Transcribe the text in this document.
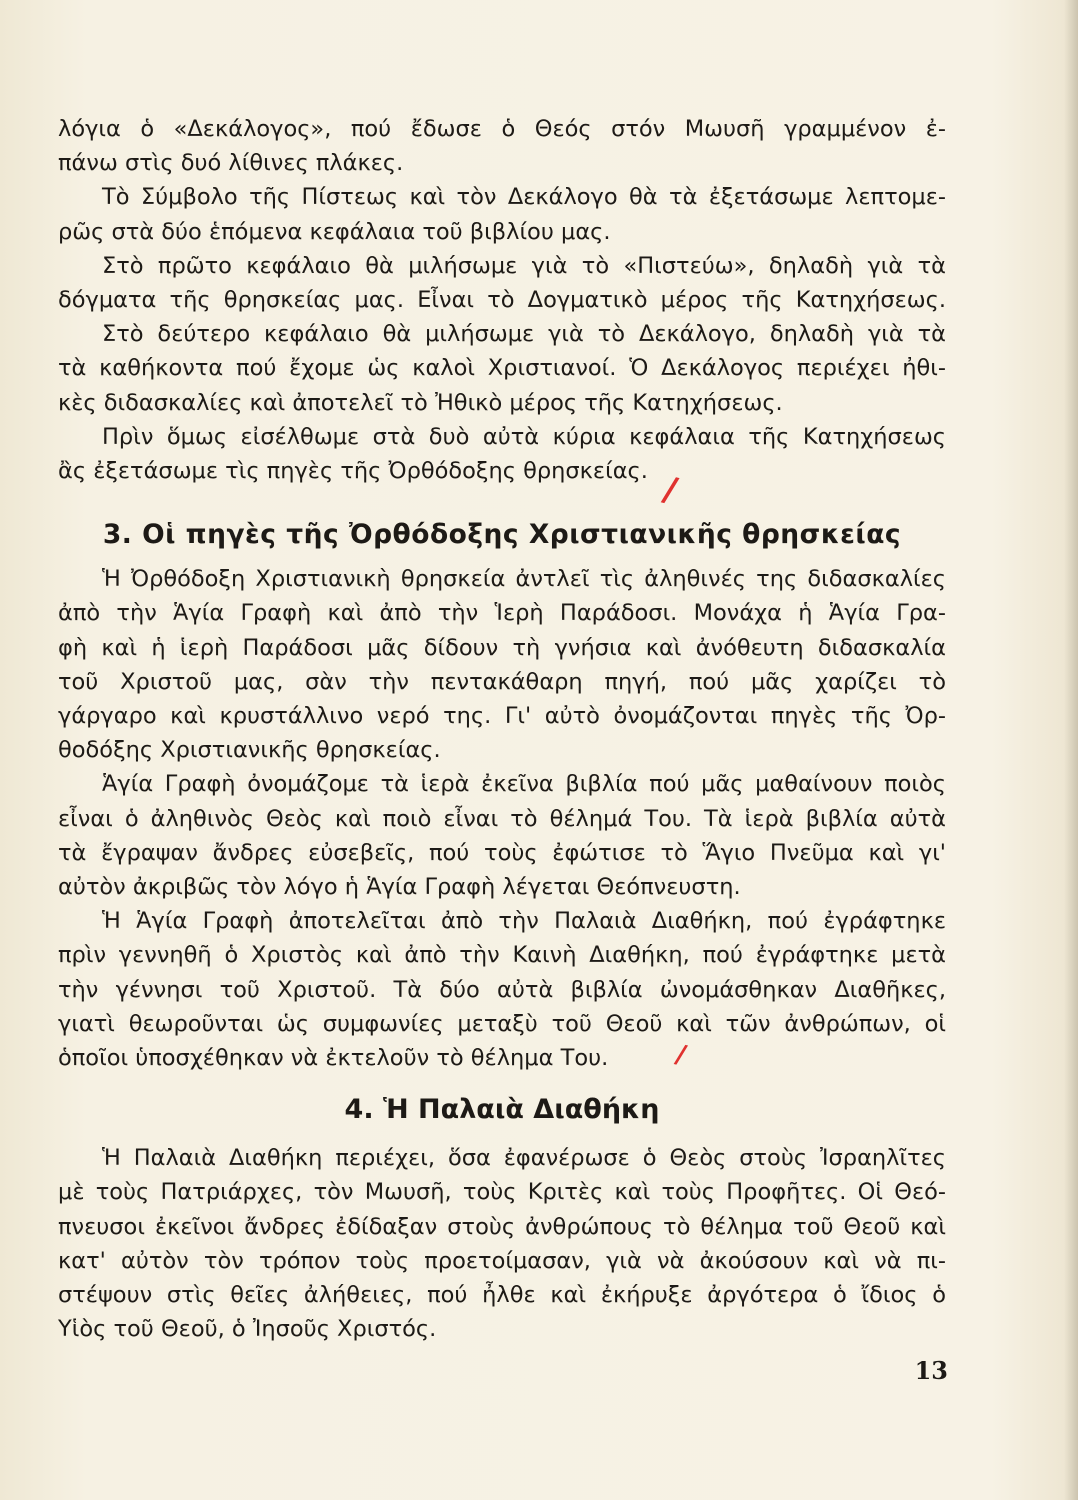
λόγια ὁ «Δεκάλογος», πού ἔδωσε ὁ Θεός στόν Μωυσῆ γραμμένον ἐ-
πάνω στὶς δυό λίθινες πλάκες.
Τὸ Σύμβολο τῆς Πίστεως καὶ τὸν Δεκάλογο θὰ τὰ ἐξετάσωμε λεπτομε-
ρῶς στὰ δύο ἑπόμενα κεφάλαια τοῦ βιβλίου μας.
Στὸ πρῶτο κεφάλαιο θὰ μιλήσωμε γιὰ τὸ «Πιστεύω», δηλαδὴ γιὰ τὰ
δόγματα τῆς θρησκείας μας. Εἶναι τὸ Δογματικὸ μέρος τῆς Κατηχήσεως.
Στὸ δεύτερο κεφάλαιο θὰ μιλήσωμε γιὰ τὸ Δεκάλογο, δηλαδὴ γιὰ τὰ
τὰ καθήκοντα πού ἔχομε ὡς καλοὶ Χριστιανοί. Ὁ Δεκάλογος περιέχει ἠθι-
κὲς διδασκαλίες καὶ ἀποτελεῖ τὸ Ἠθικὸ μέρος τῆς Κατηχήσεως.
Πρὶν ὅμως εἰσέλθωμε στὰ δυὸ αὐτὰ κύρια κεφάλαια τῆς Κατηχήσεως
ἂς ἐξετάσωμε τὶς πηγὲς τῆς Ὀρθόδοξης θρησκείας.
3. Οἱ πηγὲς τῆς Ὀρθόδοξης Χριστιανικῆς θρησκείας
Ἡ Ὀρθόδοξη Χριστιανικὴ θρησκεία ἀντλεῖ τὶς ἀληθινές της διδασκαλίες
ἀπὸ τὴν Ἁγία Γραφὴ καὶ ἀπὸ τὴν Ἱερὴ Παράδοσι. Μονάχα ἡ Ἁγία Γρα-
φὴ καὶ ἡ ἱερὴ Παράδοσι μᾶς δίδουν τὴ γνήσια καὶ ἀνόθευτη διδασκαλία
τοῦ Χριστοῦ μας, σὰν τὴν πεντακάθαρη πηγή, πού μᾶς χαρίζει τὸ
γάργαρο καὶ κρυστάλλινο νερό της. Γι' αὐτὸ ὀνομάζονται πηγὲς τῆς Ὀρ-
θοδόξης Χριστιανικῆς θρησκείας.
Ἁγία Γραφὴ ὀνομάζομε τὰ ἱερὰ ἐκεῖνα βιβλία πού μᾶς μαθαίνουν ποιὸς
εἶναι ὁ ἀληθινὸς Θεὸς καὶ ποιὸ εἶναι τὸ θέλημά Του. Τὰ ἱερὰ βιβλία αὐτὰ
τὰ ἔγραψαν ἄνδρες εὐσεβεῖς, πού τοὺς ἐφώτισε τὸ Ἅγιο Πνεῦμα καὶ γι'
αὐτὸν ἀκριβῶς τὸν λόγο ἡ Ἁγία Γραφὴ λέγεται Θεόπνευστη.
Ἡ Ἁγία Γραφὴ ἀποτελεῖται ἀπὸ τὴν Παλαιὰ Διαθήκη, πού ἐγράφτηκε
πρὶν γεννηθῆ ὁ Χριστὸς καὶ ἀπὸ τὴν Καινὴ Διαθήκη, πού ἐγράφτηκε μετὰ
τὴν γέννησι τοῦ Χριστοῦ. Τὰ δύο αὐτὰ βιβλία ὠνομάσθηκαν Διαθῆκες,
γιατὶ θεωροῦνται ὡς συμφωνίες μεταξὺ τοῦ Θεοῦ καὶ τῶν ἀνθρώπων, οἱ
ὁποῖοι ὑποσχέθηκαν νὰ ἐκτελοῦν τὸ θέλημα Του.
4. Ἡ Παλαιὰ Διαθήκη
Ἡ Παλαιὰ Διαθήκη περιέχει, ὅσα ἐφανέρωσε ὁ Θεὸς στοὺς Ἰσραηλῖτες
μὲ τοὺς Πατριάρχες, τὸν Μωυσῆ, τοὺς Κριτὲς καὶ τοὺς Προφῆτες. Οἱ Θεό-
πνευσοι ἐκεῖνοι ἄνδρες ἐδίδαξαν στοὺς ἀνθρώπους τὸ θέλημα τοῦ Θεοῦ καὶ
κατ' αὐτὸν τὸν τρόπον τοὺς προετοίμασαν, γιὰ νὰ ἀκούσουν καὶ νὰ πι-
στέψουν στὶς θεῖες ἀλήθειες, πού ἦλθε καὶ ἐκήρυξε ἀργότερα ὁ ἴδιος ὁ
Υἱὸς τοῦ Θεοῦ, ὁ Ἰησοῦς Χριστός.
/
/
13
